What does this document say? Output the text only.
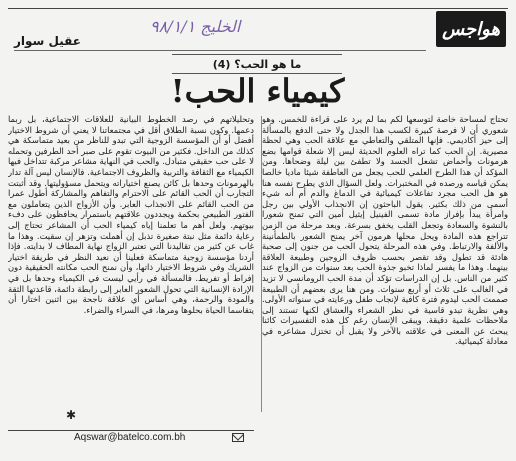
هواجس
الخليج ٩٨/١/١
عقيل سوار
ما هو الحب؟ (4)
كيمياء الحب!
تحتاج لمساحة خاصة لتوسعها لكم بما لم يرد على قراءة للخمس. وهو شعوري أن لا فرصة كبيرة لكسب هذا الجدل ولا حتى الدفع بالمسألة إلى حيز أكاديمي. فإنها المتلقي والتعاطي مع علاقة الحب وهي لحظة مصيرية. إن الحب كما تراه العلوم الحديثة ليس إلا شعلة قوامها بضع هرمونات وأحماض تشعل الجسد ولا تطفئ بين ليلة وضحاها. ومن المؤكد أن هذا الطرح العلمي للحب يجعل من العاطفة شيئا ماديا خالصا يمكن قياسه ورصده في المختبرات. ولعل السؤال الذي يطرح نفسه هنا هو هل الحب مجرد تفاعلات كيميائية في الدماغ والدم أم أنه شيء أسمى من ذلك بكثير. يقول الباحثون إن الانجذاب الأولي بين رجل وامرأة يبدأ بإفراز مادة تسمى الفينيل إيثيل أمين التي تمنح شعورا بالنشوة والسعادة وتجعل القلب يخفق بسرعة. وبعد مرحلة من الزمن تتراجع هذه المادة ويحل محلها هرمون آخر يمنح الشعور بالطمأنينة والألفة والارتباط. وفي هذه المرحلة يتحول الحب من جنون إلى صحبة هادئة قد تطول وقد تقصر بحسب ظروف الزوجين وطبيعة العلاقة بينهما. وهذا ما يفسر لماذا تخبو جذوة الحب بعد سنوات من الزواج عند كثير من الناس. بل إن الدراسات تؤكد أن مدة الحب الرومانسي لا تزيد في الغالب على ثلاث أو أربع سنوات. ومن هنا يرى بعضهم أن الطبيعة صممت الحب ليدوم فترة كافية لإنجاب طفل ورعايته في سنواته الأولى. وهي نظرية تبدو قاسية في نظر الشعراء والعشاق لكنها تستند إلى ملاحظات علمية دقيقة. ويبقى الإنسان رغم كل هذه التفسيرات كائنا يبحث عن المعنى في علاقته بالآخر ولا يقبل أن تختزل مشاعره في معادلة كيميائية.
وتحليلاتهم في رصد الخطوط البيانية للعلاقات الاجتماعية، بل ربما دعمها. وكون نسبة الطلاق أقل في مجتمعاتنا لا يعني أن شروط الاختيار أفضل أو أن المؤسسة الزوجية التي تبدو للناظر من بعيد متماسكة هي كذلك من الداخل. فكثير من البيوت تقوم على صبر أحد الطرفين وتحمله لا على حب حقيقي متبادل. والحب في النهاية مشاعر مركبة تتداخل فيها الكيمياء مع الثقافة والتربية والظروف الاجتماعية. فالإنسان ليس آلة تدار بالهرمونات وحدها بل كائن يصنع اختياراته ويتحمل مسؤوليتها. وقد أثبتت التجارب أن الحب القائم على الاحترام والتفاهم والمشاركة أطول عمرا من الحب القائم على الانجذاب العابر. وأن الأزواج الذين يتعاملون مع الفتور الطبيعي بحكمة ويجددون علاقتهم باستمرار يحافظون على دفء بيوتهم. ولعل أهم ما تعلمنا إياه كيمياء الحب أن المشاعر تحتاج إلى رعاية دائمة مثل نبتة صغيرة تذبل إن أهملت وتزهر إن سقيت. وهذا ما غاب عن كثير من تقاليدنا التي تعتبر الزواج نهاية المطاف لا بدايته. فإذا أردنا مؤسسة زوجية متماسكة فعلينا أن نعيد النظر في طريقة اختيار الشريك وفي شروط الاختيار ذاتها، وأن نمنح الحب مكانته الحقيقية دون إفراط أو تفريط. فالمسألة في رأيي ليست في الكيمياء وحدها بل في الإرادة الإنسانية التي تحول الشعور العابر إلى رابطة دائمة، قاعدتها الثقة والمودة والرحمة، وهي أساس أي علاقة ناجحة بين اثنين اختارا أن يتقاسما الحياة بحلوها ومرها، في السراء والضراء.
✱
Aqswar@batelco.com.bh
